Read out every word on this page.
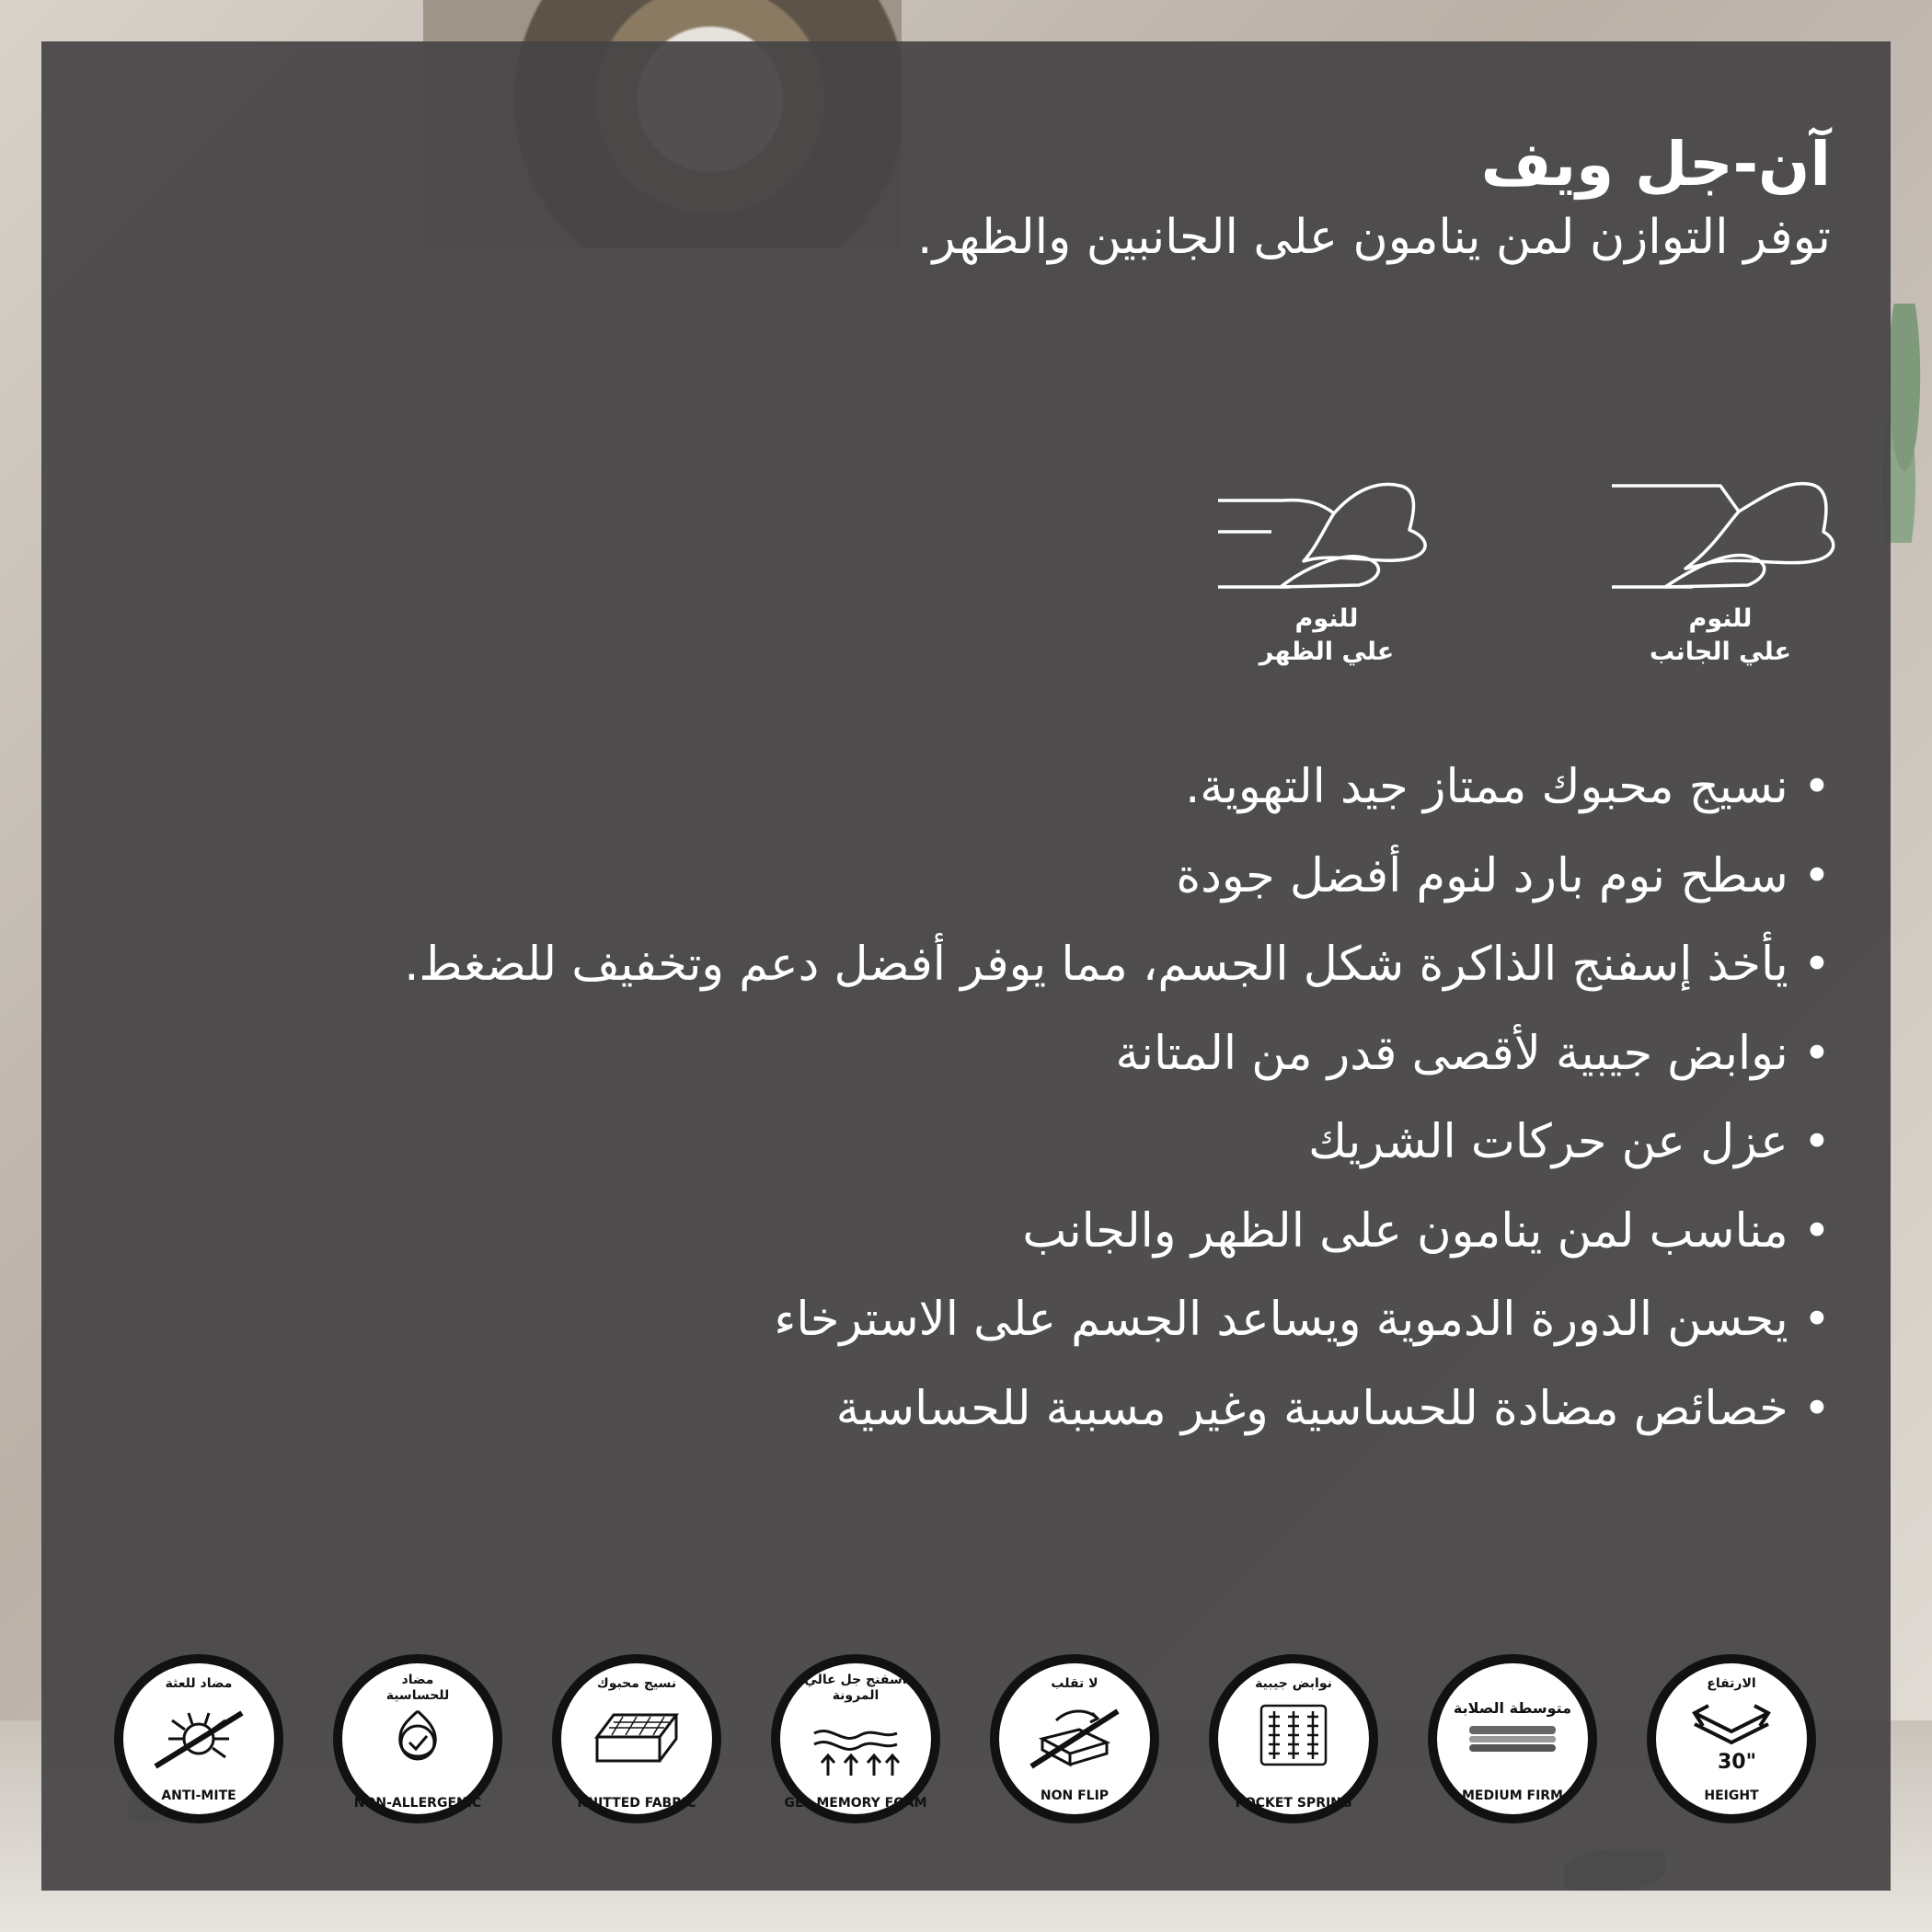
آن-جل ويف
توفر التوازن لمن ينامون على الجانبين والظهر.
للنوم
علي الجانب
للنوم
علي الظهر
• نسيج محبوك ممتاز جيد التهوية.
• سطح نوم بارد لنوم أفضل جودة
• يأخذ إسفنج الذاكرة شكل الجسم، مما يوفر أفضل دعم وتخفيف للضغط.
• نوابض جيبية لأقصى قدر من المتانة
• عزل عن حركات الشريك
• مناسب لمن ينامون على الظهر والجانب
• يحسن الدورة الدموية ويساعد الجسم على الاسترخاء
• خصائص مضادة للحساسية وغير مسببة للحساسية
الارتفاع
30"
HEIGHT
متوسطة الصلابة
MEDIUM FIRM
نوابض جيبية
POCKET SPRING
لا تقلب
NON FLIP
أسفنج جل عالي المرونة
GEL MEMORY FOAM
نسيج محبوك
KNITTED FABRIC
مضاد للحساسية
NON-ALLERGENIC
مضاد للعثة
ANTI-MITE
